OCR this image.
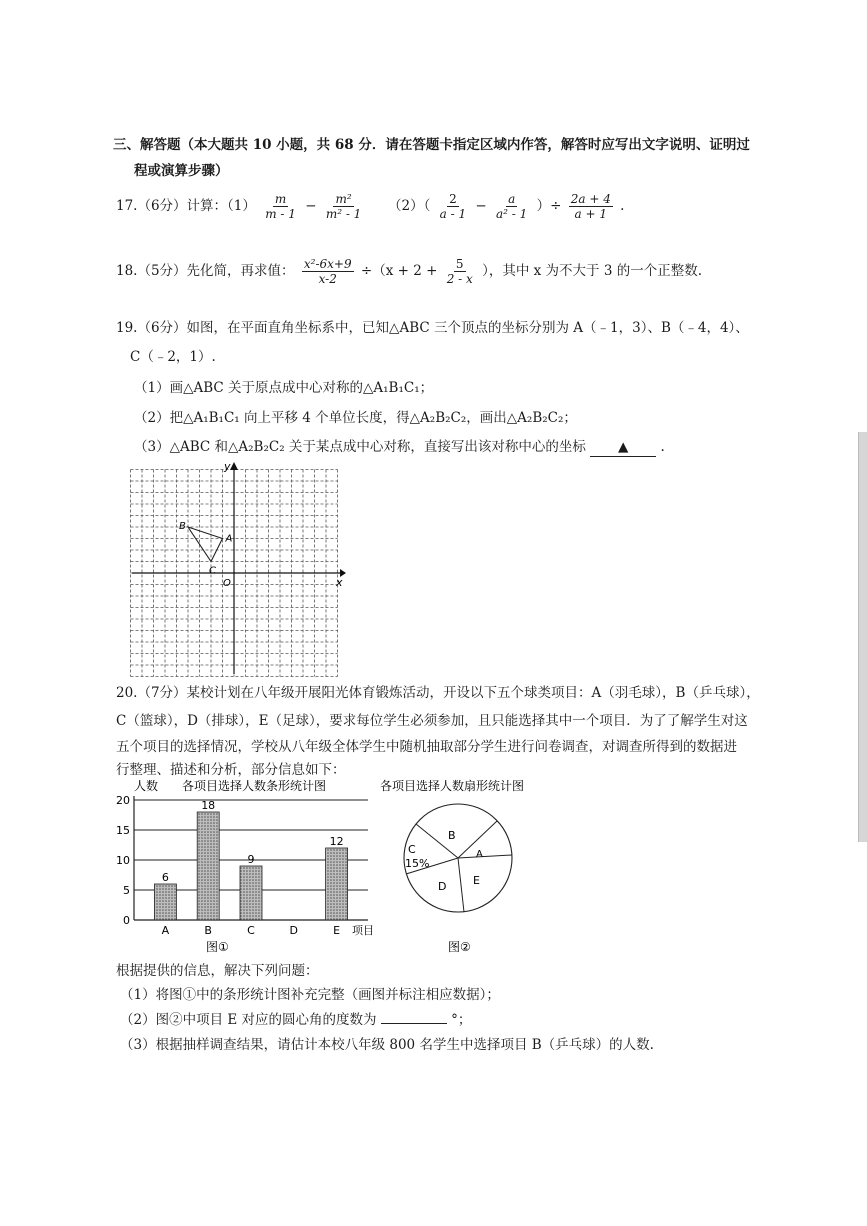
三、解答题（本大题共 10 小题，共 68 分．请在答题卡指定区域内作答，解答时应写出文字说明、证明过
程或演算步骤）
17.（6分）计算：$(1) \frac{m}{m - 1} - \frac{\text{m²}}{\text{m² - 1}} (2)( \frac{2}{a - 1} - \frac{a}{\text{a² - 1}}$ ）÷ $\frac{2a + 4}{a + 1}$ .
18.（5分）先化简，再求值： $\frac{\text{x²-6x+9}}{x-2} \div(x + 2 + \frac{5}{2 - x}$ ），其中 x 为不大于 3 的一个正整数.
19.（6分）如图，在平面直角坐标系中，已知△ABC 三个顶点的坐标分别为 A（﹣1，3）、B（﹣4，4）、
C（﹣2，1）.
（1）画△ABC 关于原点成中心对称的△A₁B₁C₁；
（2）把△A₁B₁C₁ 向上平移 4 个单位长度，得△A₂B₂C₂，画出△A₂B₂C₂；
（3）△ABC 和△A₂B₂C₂ 关于某点成中心对称，直接写出该对称中心的坐标 ▲ .
y
x
O
A
B
C
20.（7分）某校计划在八年级开展阳光体育锻炼活动，开设以下五个球类项目：A（羽毛球），B（乒乓球），
C（篮球），D（排球），E（足球），要求每位学生必须参加，且只能选择其中一个项目．为了了解学生对这
五个项目的选择情况，学校从八年级全体学生中随机抽取部分学生进行问卷调查，对调查所得到的数据进
行整理、描述和分析，部分信息如下：
人数 各项目选择人数条形统计图
0
5
10
15
20
6
18
9
12
A	B	C	D	E 项目
图①
各项目选择人数扇形统计图
B
A
E
D
C
15%
图②
根据提供的信息，解决下列问题：
（1）将图①中的条形统计图补充完整（画图并标注相应数据）；
（2）图②中项目 E 对应的圆心角的度数为	°；
（3）根据抽样调查结果，请估计本校八年级 800 名学生中选择项目 B（乒乓球）的人数.
